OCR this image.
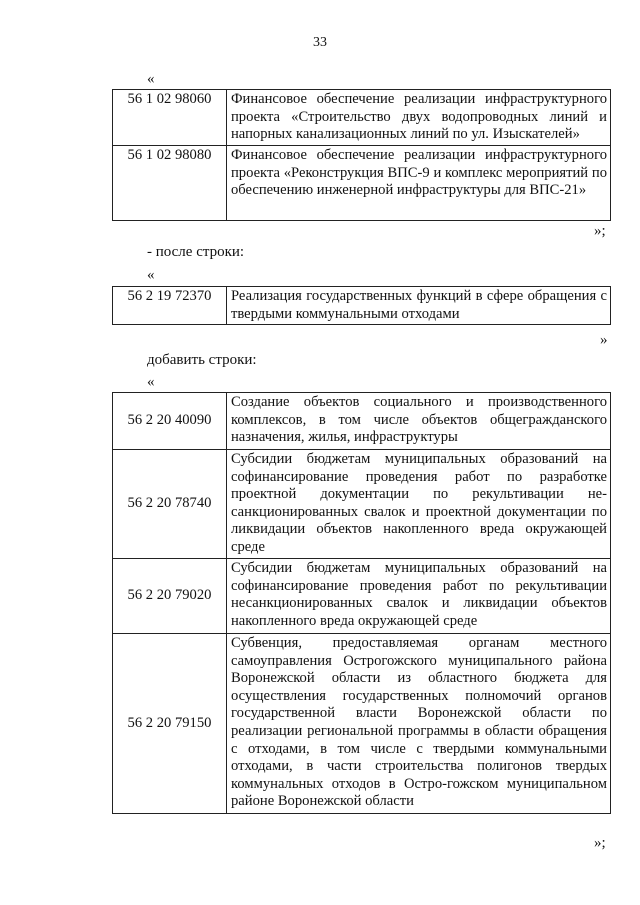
33
«
56 1 02 98060	Финансовое обеспечение реализации инфраструктурного проекта «Строительство двух водопроводных линий и напорных канализационных линий по ул. Изыскателей»
56 1 02 98080	Финансовое обеспечение реализации инфраструктурного проекта «Реконструкция ВПС-9 и комплекс мероприятий по обеспечению инженерной инфраструктуры для ВПС-21»
»;
- после строки:
«
56 2 19 72370	Реализация государственных функций в сфере обращения с твердыми коммунальными отходами
»
добавить строки:
«
56 2 20 40090	Создание объектов социального и производственного комплексов, в том числе объектов общегражданского назначения, жилья, инфраструктуры
56 2 20 78740	Субсидии бюджетам муниципальных образований на софинансирование проведения работ по разработке проектной документации по рекультивации не-санкционированных свалок и проектной документации по ликвидации объектов накопленного вреда окружающей среде
56 2 20 79020	Субсидии бюджетам муниципальных образований на софинансирование проведения работ по рекультивации несанкционированных свалок и ликвидации объектов накопленного вреда окружающей среде
56 2 20 79150	Субвенция, предоставляемая органам местного самоуправления Острогожского муниципального района Воронежской области из областного бюджета для осуществления государственных полномочий органов государственной власти Воронежской области по реализации региональной программы в области обращения с отходами, в том числе с твердыми коммунальными отходами, в части строительства полигонов твердых коммунальных отходов в Остро-гожском муниципальном районе Воронежской области
»;
